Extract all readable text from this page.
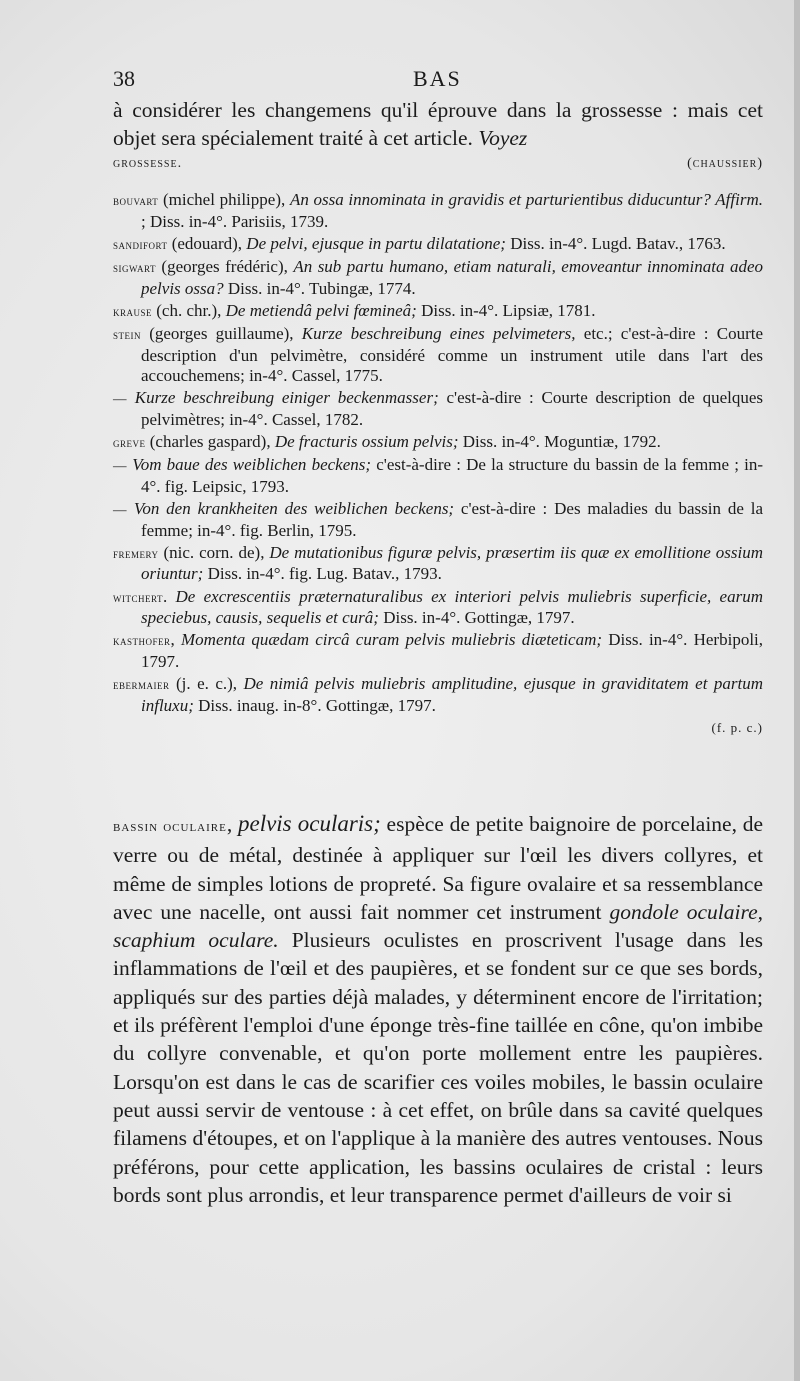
38	BAS
à considérer les changemens qu'il éprouve dans la grossesse : mais cet objet sera spécialement traité à cet article. Voyez
grossesse.	(chaussier)

bouvart (michel philippe), An ossa innominata in gravidis et parturientibus diducuntur? Affirm. ; Diss. in-4°. Parisiis, 1739.

sandifort (edouard), De pelvi, ejusque in partu dilatatione; Diss. in-4°. Lugd. Batav., 1763.

sigwart (georges frédéric), An sub partu humano, etiam naturali, emoveantur innominata adeo pelvis ossa? Diss. in-4°. Tubingæ, 1774.

krause (ch. chr.), De metiendâ pelvi fœmineâ; Diss. in-4°. Lipsiæ, 1781.

stein (georges guillaume), Kurze beschreibung eines pelvimeters, etc.; c'est-à-dire : Courte description d'un pelvimètre, considéré comme un instrument utile dans l'art des accouchemens; in-4°. Cassel, 1775.

— Kurze beschreibung einiger beckenmasser; c'est-à-dire : Courte description de quelques pelvimètres; in-4°. Cassel, 1782.

greve (charles gaspard), De fracturis ossium pelvis; Diss. in-4°. Moguntiæ, 1792.

— Vom baue des weiblichen beckens; c'est-à-dire : De la structure du bassin de la femme ; in-4°. fig. Leipsic, 1793.

— Von den krankheiten des weiblichen beckens; c'est-à-dire : Des maladies du bassin de la femme; in-4°. fig. Berlin, 1795.

fremery (nic. corn. de), De mutationibus figuræ pelvis, præsertim iis quæ ex emollitione ossium oriuntur; Diss. in-4°. fig. Lug. Batav., 1793.

witchert. De excrescentiis præternaturalibus ex interiori pelvis muliebris superficie, earum speciebus, causis, sequelis et curâ; Diss. in-4°. Gottingæ, 1797.

kasthofer, Momenta quædam circâ curam pelvis muliebris diæteticam; Diss. in-4°. Herbipoli, 1797.

ebermaier (j. e. c.), De nimiâ pelvis muliebris amplitudine, ejusque in graviditatem et partum influxu; Diss. inaug. in-8°. Gottingæ, 1797.

(f. p. c.)
bassin oculaire, pelvis ocularis; espèce de petite baignoire de porcelaine, de verre ou de métal, destinée à appliquer sur l'œil les divers collyres, et même de simples lotions de propreté. Sa figure ovalaire et sa ressemblance avec une nacelle, ont aussi fait nommer cet instrument gondole oculaire, scaphium oculare. Plusieurs oculistes en proscrivent l'usage dans les inflammations de l'œil et des paupières, et se fondent sur ce que ses bords, appliqués sur des parties déjà malades, y déterminent encore de l'irritation; et ils préfèrent l'emploi d'une éponge très-fine taillée en cône, qu'on imbibe du collyre convenable, et qu'on porte mollement entre les paupières. Lorsqu'on est dans le cas de scarifier ces voiles mobiles, le bassin oculaire peut aussi servir de ventouse : à cet effet, on brûle dans sa cavité quelques filamens d'étoupes, et on l'applique à la manière des autres ventouses. Nous préférons, pour cette application, les bassins oculaires de cristal : leurs bords sont plus arrondis, et leur transparence permet d'ailleurs de voir si
